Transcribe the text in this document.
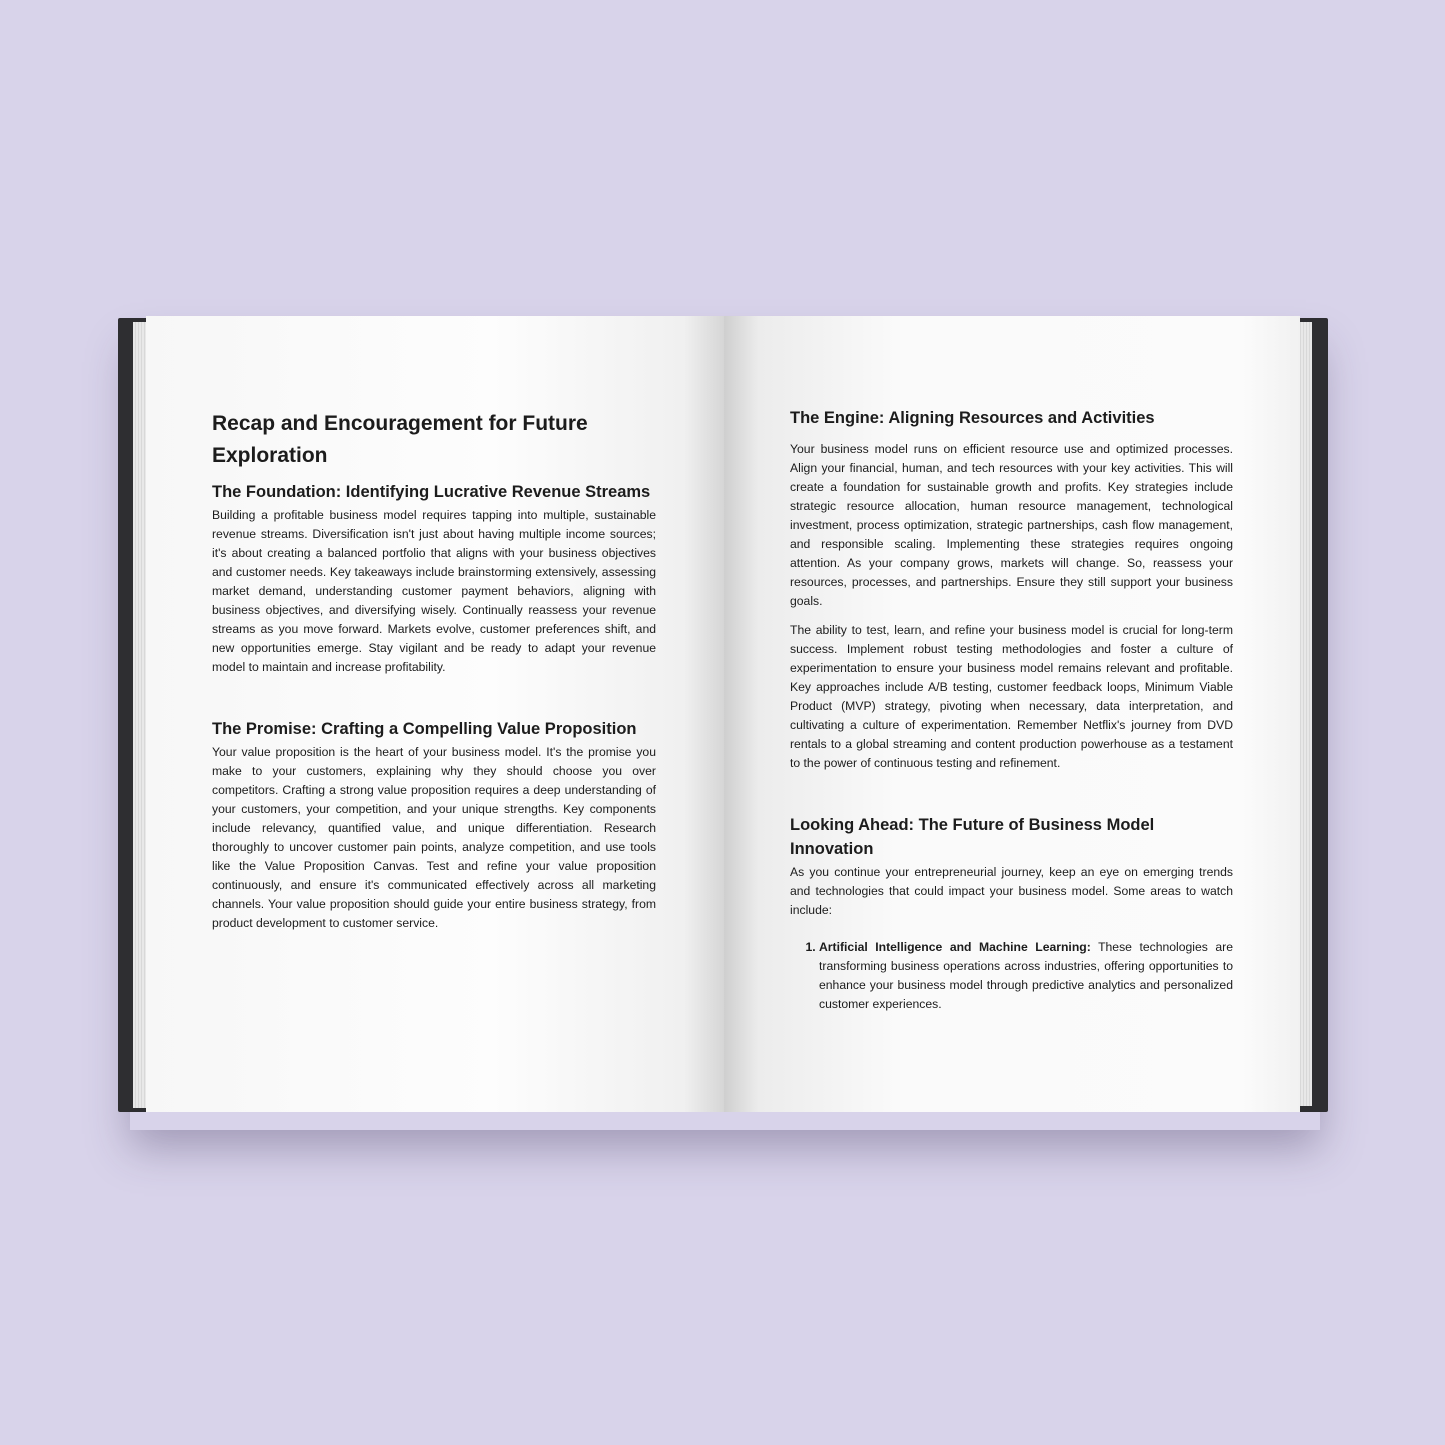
Recap and Encouragement for Future Exploration
The Foundation: Identifying Lucrative Revenue Streams

Building a profitable business model requires tapping into multiple, sustainable revenue streams. Diversification isn't just about having multiple income sources; it's about creating a balanced portfolio that aligns with your business objectives and customer needs. Key takeaways include brainstorming extensively, assessing market demand, understanding customer payment behaviors, aligning with business objectives, and diversifying wisely. Continually reassess your revenue streams as you move forward. Markets evolve, customer preferences shift, and new opportunities emerge. Stay vigilant and be ready to adapt your revenue model to maintain and increase profitability.

The Promise: Crafting a Compelling Value Proposition

Your value proposition is the heart of your business model. It's the promise you make to your customers, explaining why they should choose you over competitors. Crafting a strong value proposition requires a deep understanding of your customers, your competition, and your unique strengths. Key components include relevancy, quantified value, and unique differentiation. Research thoroughly to uncover customer pain points, analyze competition, and use tools like the Value Proposition Canvas. Test and refine your value proposition continuously, and ensure it's communicated effectively across all marketing channels. Your value proposition should guide your entire business strategy, from product development to customer service.

The Engine: Aligning Resources and Activities

Your business model runs on efficient resource use and optimized processes. Align your financial, human, and tech resources with your key activities. This will create a foundation for sustainable growth and profits. Key strategies include strategic resource allocation, human resource management, technological investment, process optimization, strategic partnerships, cash flow management, and responsible scaling. Implementing these strategies requires ongoing attention. As your company grows, markets will change. So, reassess your resources, processes, and partnerships. Ensure they still support your business goals.

The ability to test, learn, and refine your business model is crucial for long-term success. Implement robust testing methodologies and foster a culture of experimentation to ensure your business model remains relevant and profitable. Key approaches include A/B testing, customer feedback loops, Minimum Viable Product (MVP) strategy, pivoting when necessary, data interpretation, and cultivating a culture of experimentation. Remember Netflix's journey from DVD rentals to a global streaming and content production powerhouse as a testament to the power of continuous testing and refinement.

Looking Ahead: The Future of Business Model Innovation

As you continue your entrepreneurial journey, keep an eye on emerging trends and technologies that could impact your business model. Some areas to watch include:

1. Artificial Intelligence and Machine Learning: These technologies are transforming business operations across industries, offering opportunities to enhance your business model through predictive analytics and personalized customer experiences.
